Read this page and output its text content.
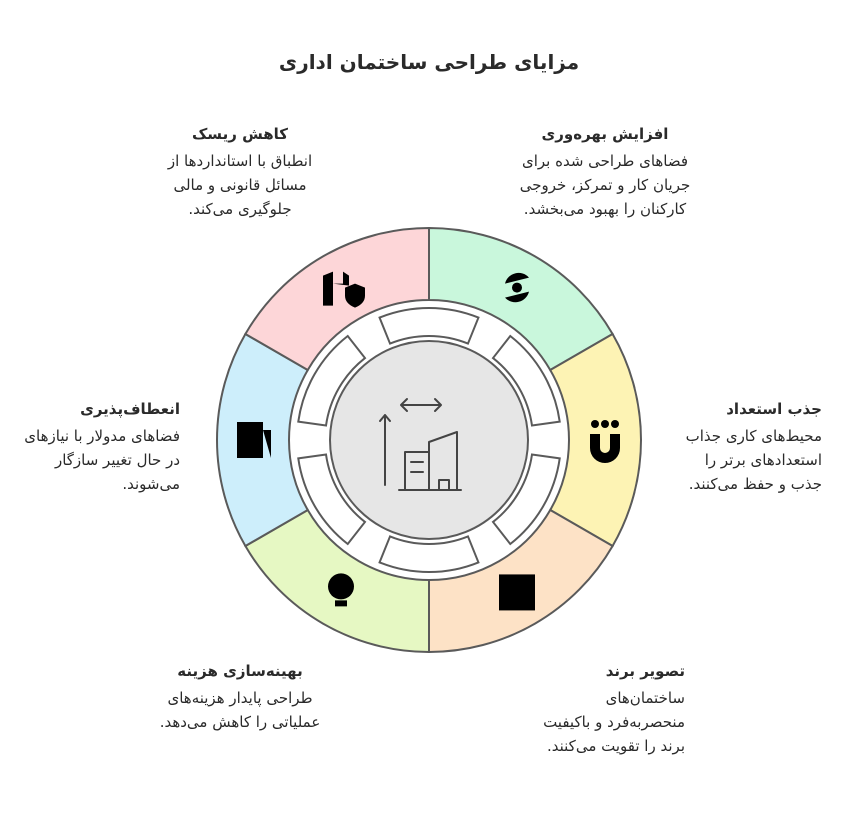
مزایای طراحی ساختمان اداری
افزایش بهره‌وری

فضاهای طراحی شده برای جریان کار و تمرکز، خروجی کارکنان را بهبود می‌بخشد.

جذب استعداد

محیط‌های کاری جذاب استعدادهای برتر را جذب و حفظ می‌کنند.

تصویر برند

ساختمان‌های منحصربه‌فرد و باکیفیت برند را تقویت می‌کنند.

بهینه‌سازی هزینه

طراحی پایدار هزینه‌های عملیاتی را کاهش می‌دهد.

انعطاف‌پذیری

فضاهای مدولار با نیازهای در حال تغییر سازگار می‌شوند.

کاهش ریسک

انطباق با استانداردها از مسائل قانونی و مالی جلوگیری می‌کند.
